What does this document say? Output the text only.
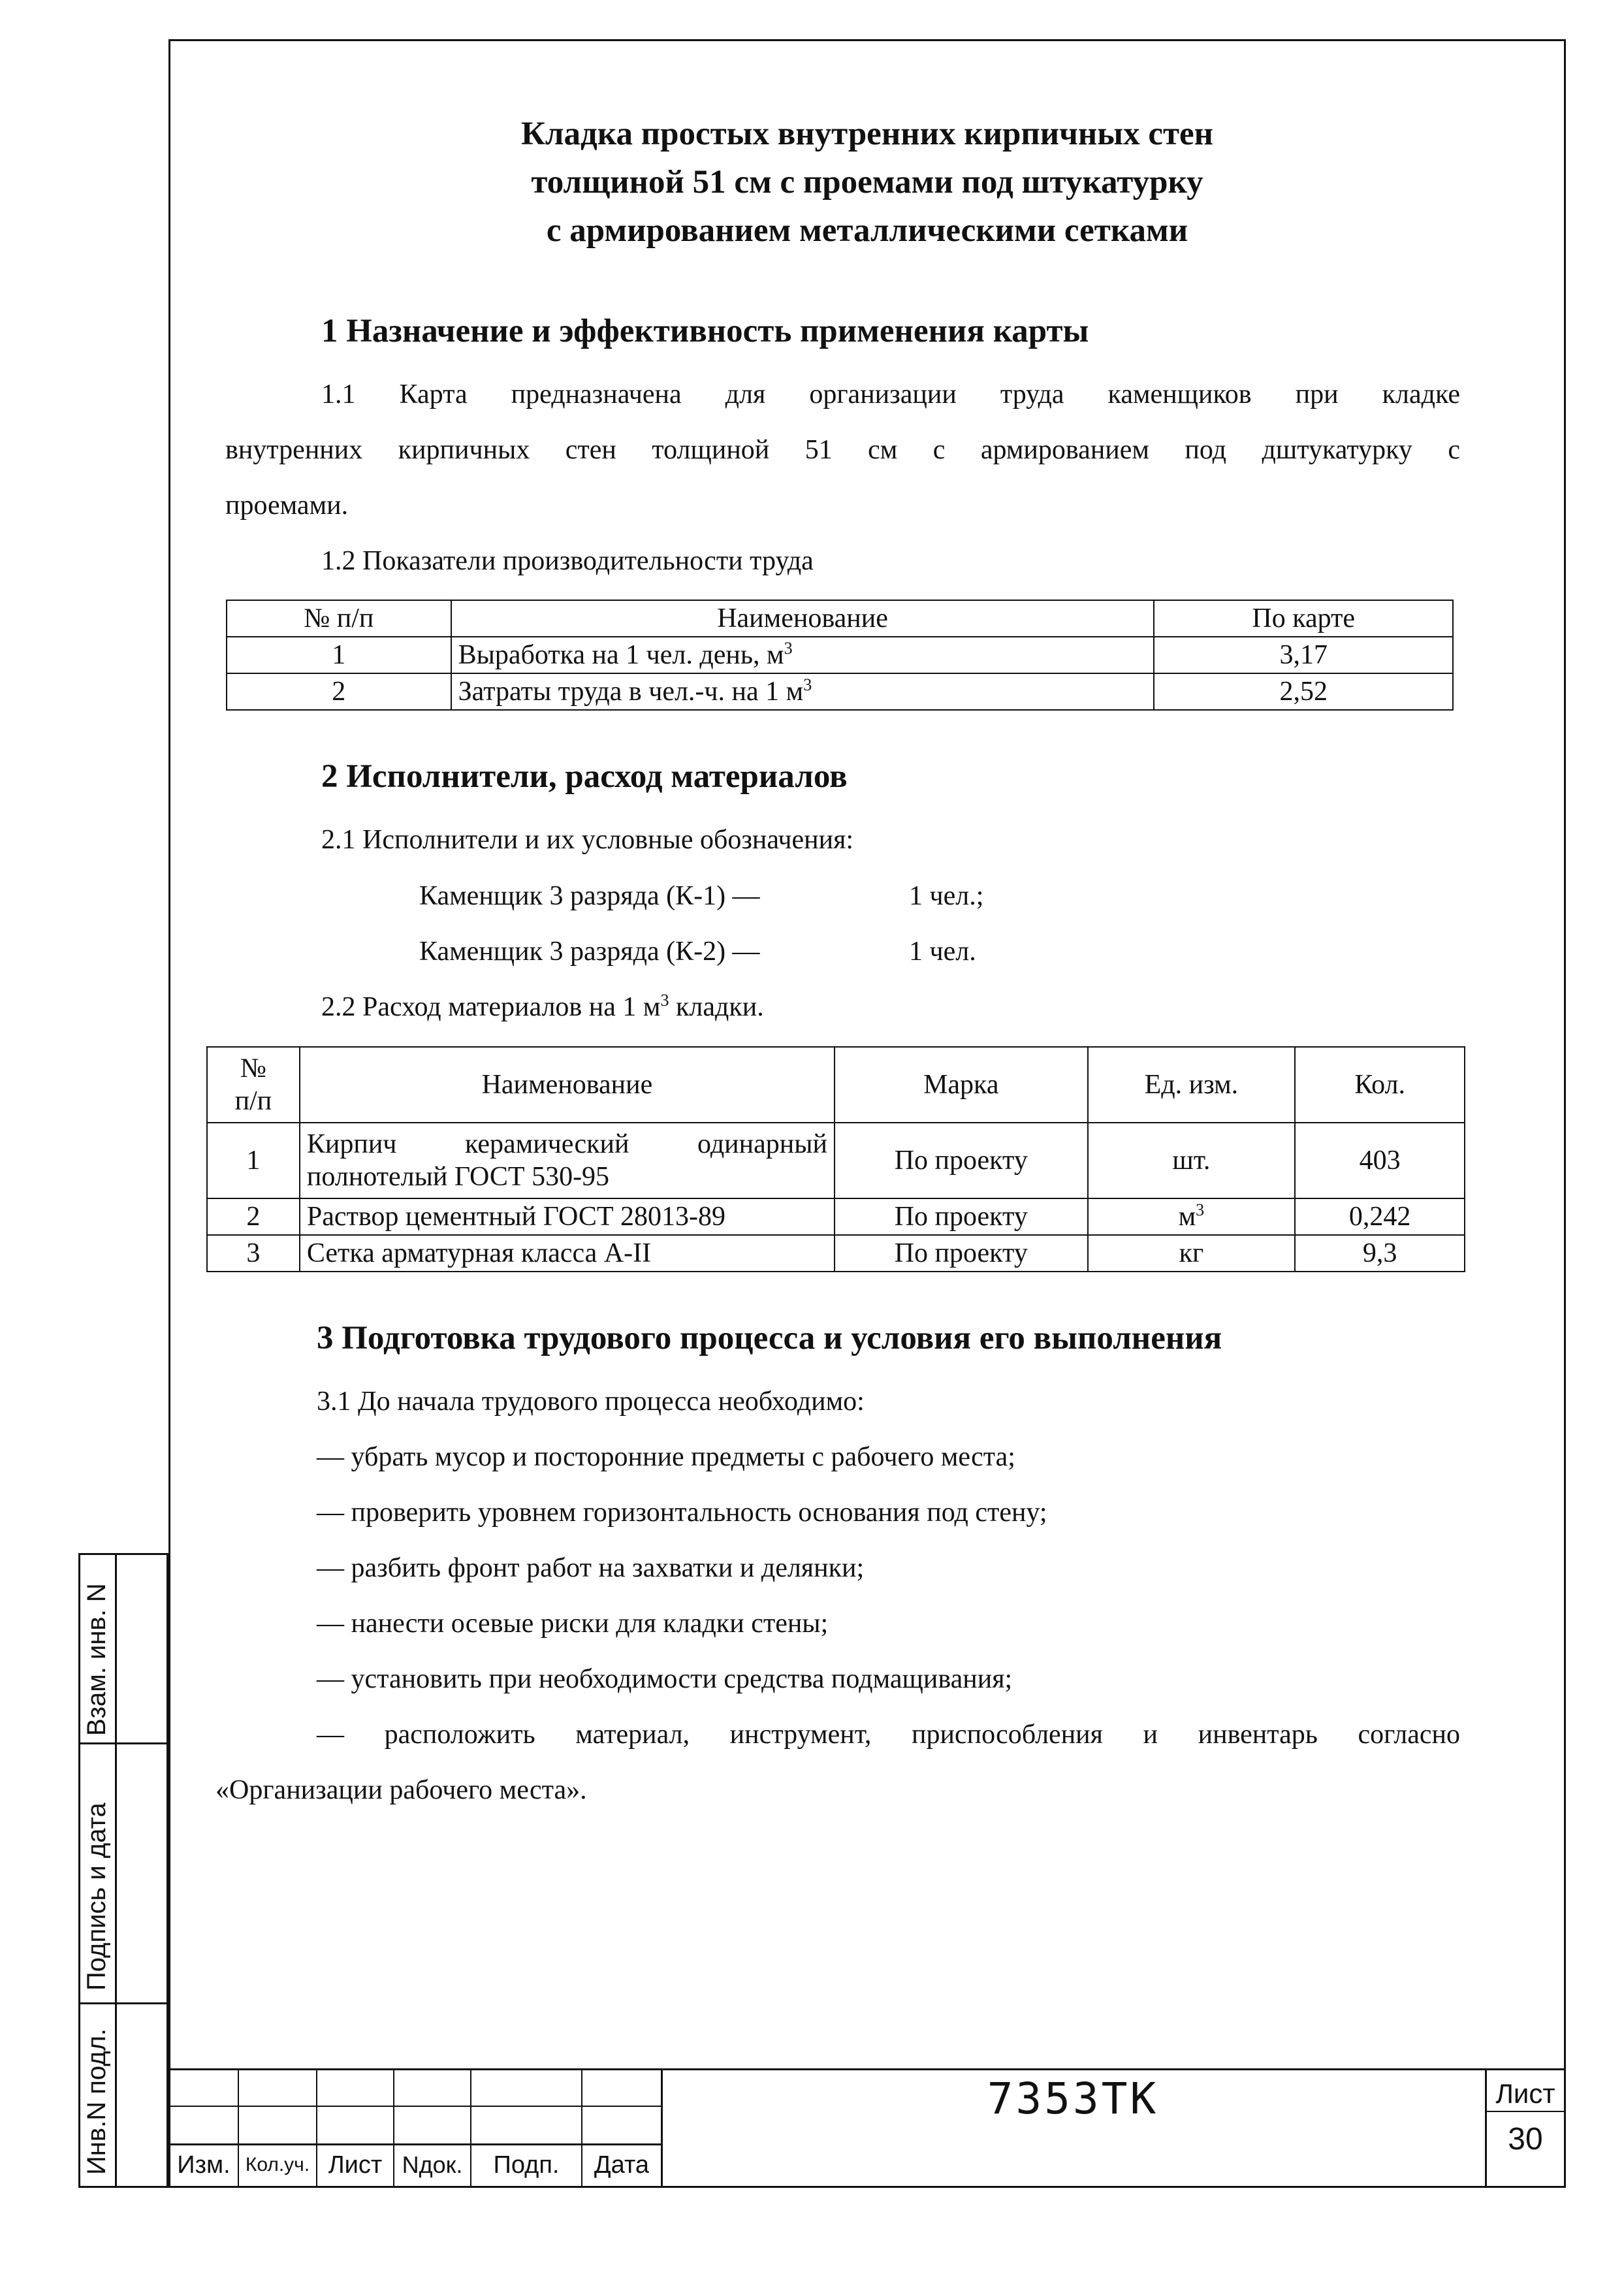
Кладка простых внутренних кирпичных стен
толщиной 51 см с проемами под штукатурку
с армированием металлическими сетками
1 Назначение и эффективность применения карты
1.1 Карта предназначена для организации труда каменщиков при кладке
внутренних кирпичных стен толщиной 51 см с армированием под дштукатурку с
проемами.
1.2 Показатели производительности труда
№ п/п	Наименование	По карте
1	Выработка на 1 чел. день, $м^3$	3,17
2	Затраты труда в чел.-ч. на 1 $м^3$	2,52
2 Исполнители, расход материалов
2.1 Исполнители и их условные обозначения:
Каменщик 3 разряда (К-1) —	1 чел.;
Каменщик 3 разряда (К-2) —	1 чел.
2.2 Расход материалов на 1 $м^3$ кладки.
№
п/п	Наименование	Марка	Ед. изм.	Кол.
1	Кирпич керамический одинарный
полнотелый ГОСТ 530-95	По проекту	шт.	403
2	Раствор цементный ГОСТ 28013-89	По проекту	$м^3$	0,242
3	Сетка арматурная класса А-II	По проекту	кг	9,3
3 Подготовка трудового процесса и условия его выполнения
3.1 До начала трудового процесса необходимо:
— убрать мусор и посторонние предметы с рабочего места;
— проверить уровнем горизонтальность основания под стену;
— разбить фронт работ на захватки и делянки;
— нанести осевые риски для кладки стены;
— установить при необходимости средства подмащивания;
— расположить материал, инструмент, приспособления и инвентарь согласно
«Организации рабочего места».
Изм. Кол.уч. Лист Nдок.	Подп.	Дата
7353ТК	Лист
30
Взам. инв. N
Подпись и дата
Инв.N подл.
